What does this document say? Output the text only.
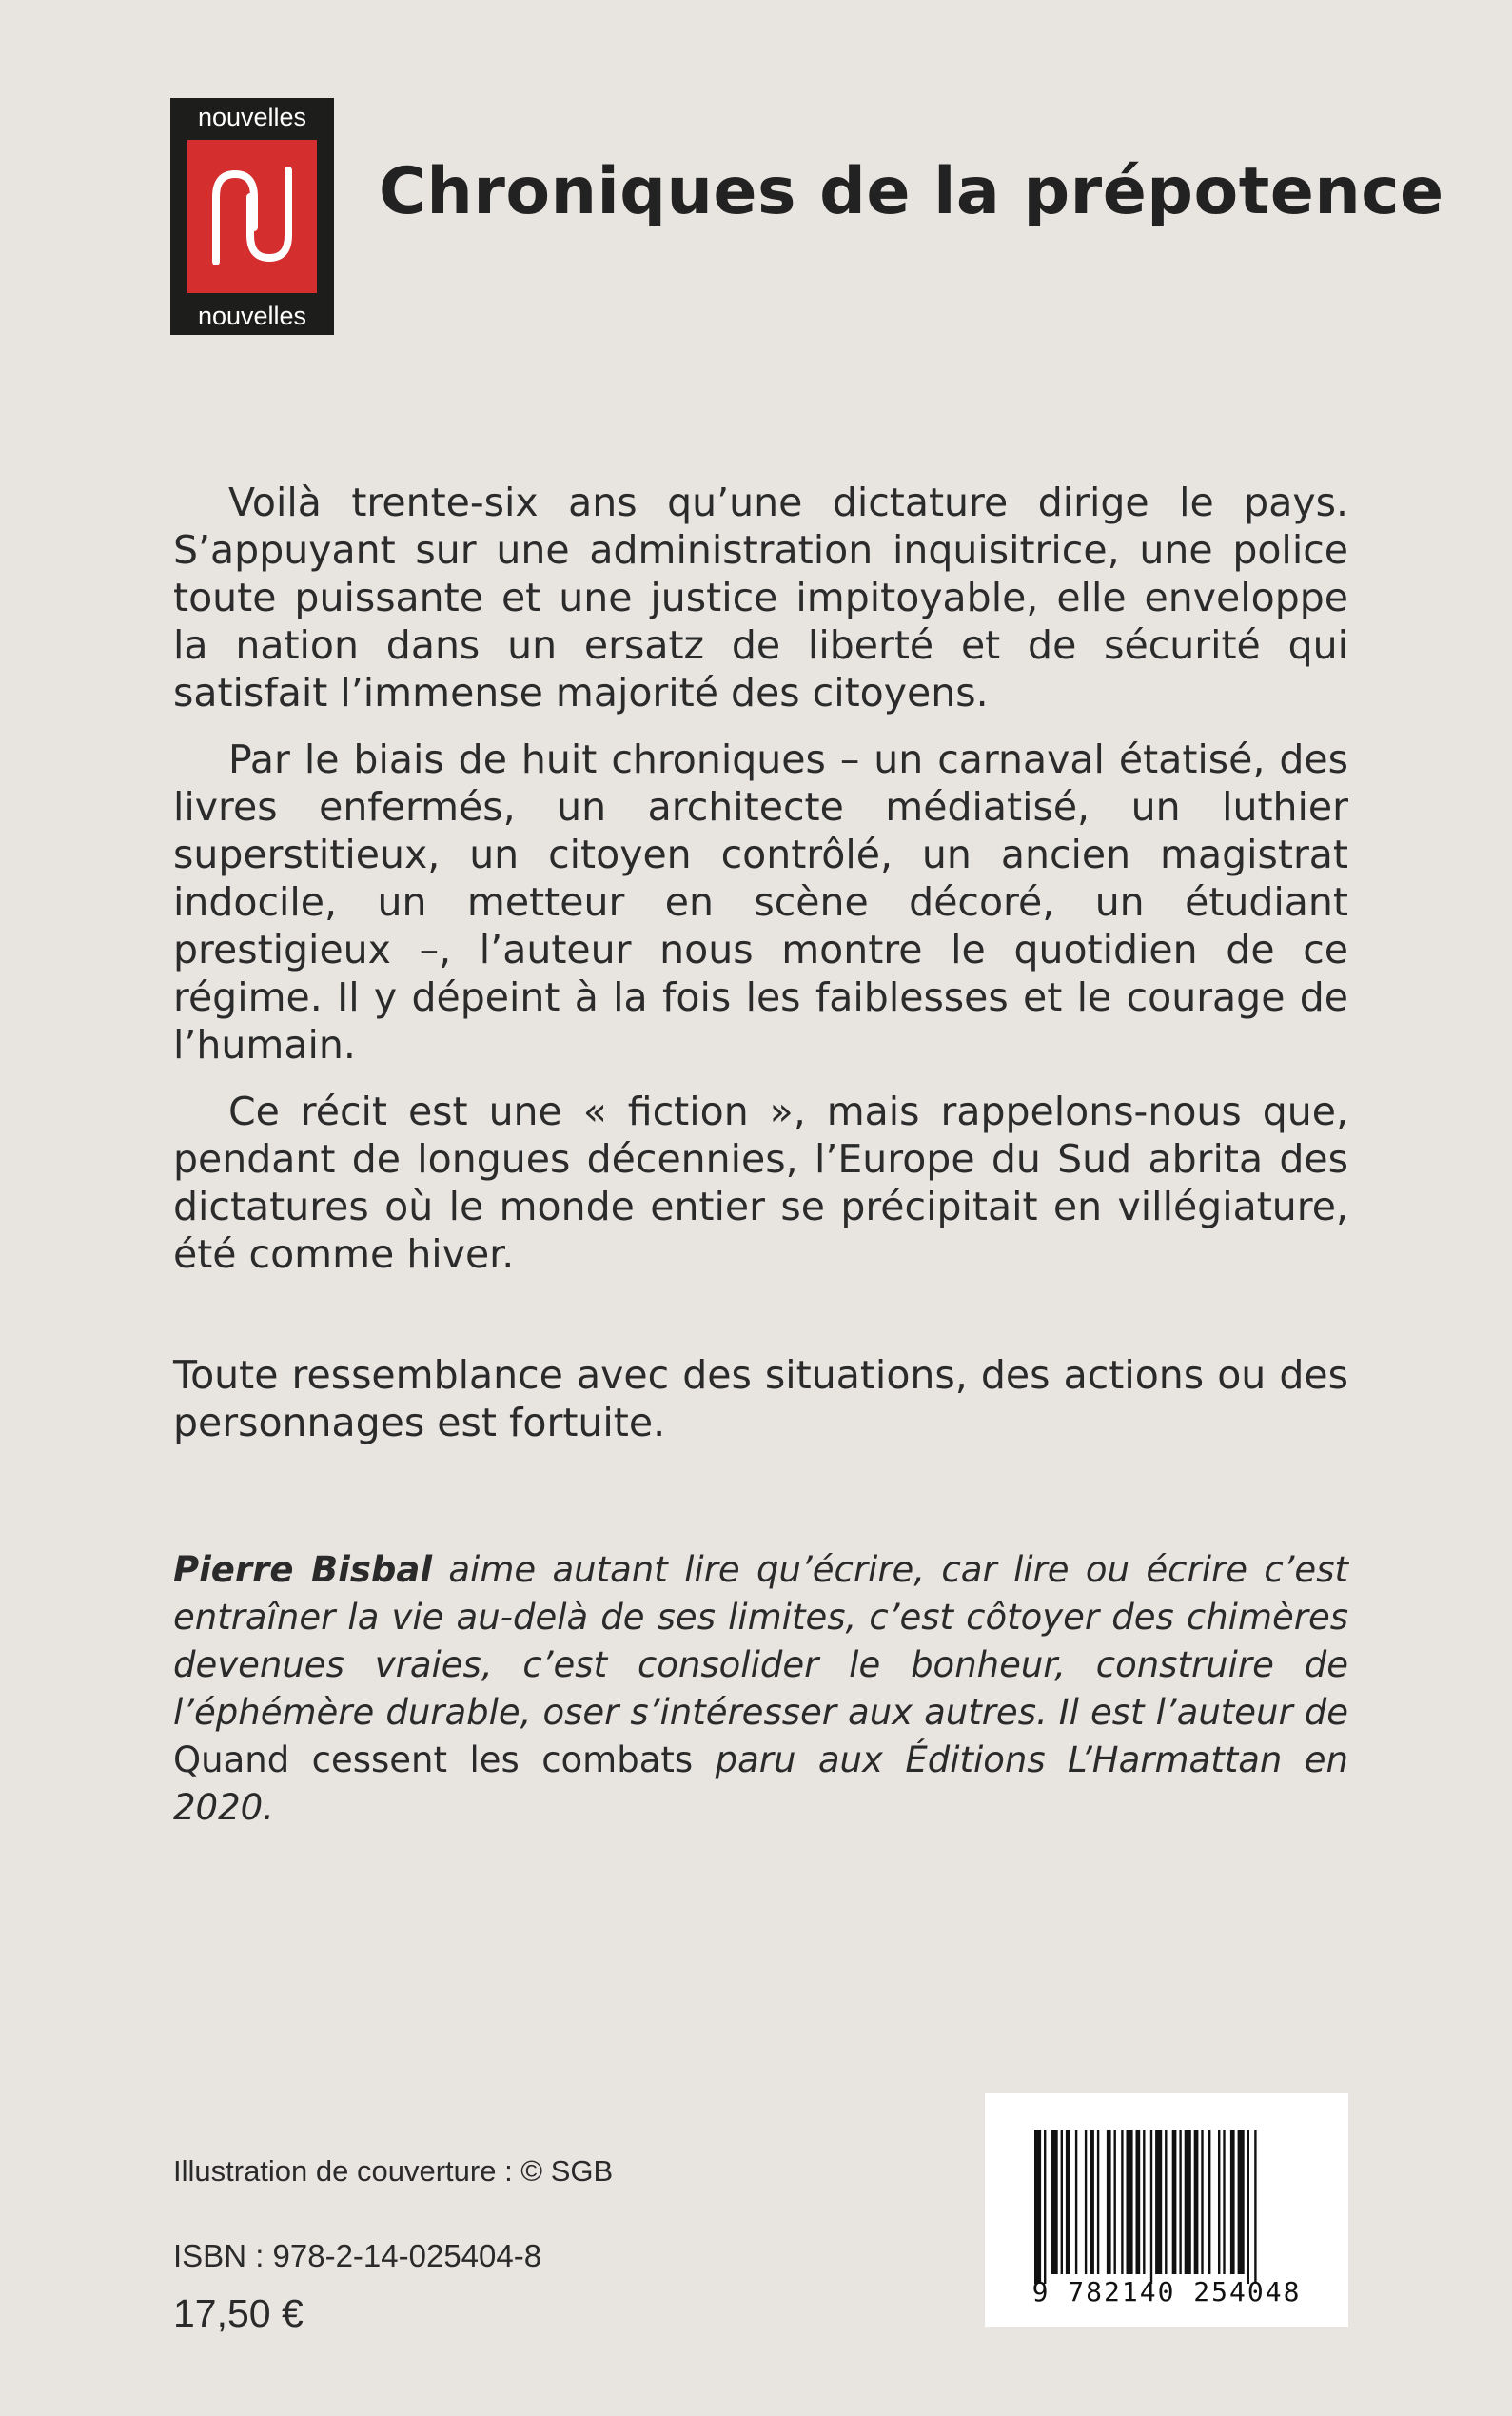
nouvelles
nouvelles
Chroniques de la prépotence

Voilà trente-six ans qu’une dictature dirige le pays. S’appuyant sur une administration inquisitrice, une police toute puissante et une justice impitoyable, elle enveloppe la nation dans un ersatz de liberté et de sécurité qui satisfait l’immense majorité des citoyens.

Par le biais de huit chroniques – un carnaval étatisé, des livres enfermés, un architecte médiatisé, un luthier superstitieux, un citoyen contrôlé, un ancien magistrat indocile, un metteur en scène décoré, un étudiant prestigieux –, l’auteur nous montre le quotidien de ce régime. Il y dépeint à la fois les faiblesses et le courage de l’humain.

Ce récit est une « fiction », mais rappelons-nous que, pendant de longues décennies, l’Europe du Sud abrita des dictatures où le monde entier se précipitait en villégiature, été comme hiver.

Toute ressemblance avec des situations, des actions ou des personnages est fortuite.
Pierre Bisbal aime autant lire qu’écrire, car lire ou écrire c’est entraîner la vie au-delà de ses limites, c’est côtoyer des chimères devenues vraies, c’est consolider le bonheur, construire de l’éphémère durable, oser s’intéresser aux autres. Il est l’auteur de Quand cessent les combats paru aux Éditions L’Harmattan en 2020.
Illustration de couverture : © SGB
ISBN : 978-2-14-025404-8
17,50 €	9 782140 254048
